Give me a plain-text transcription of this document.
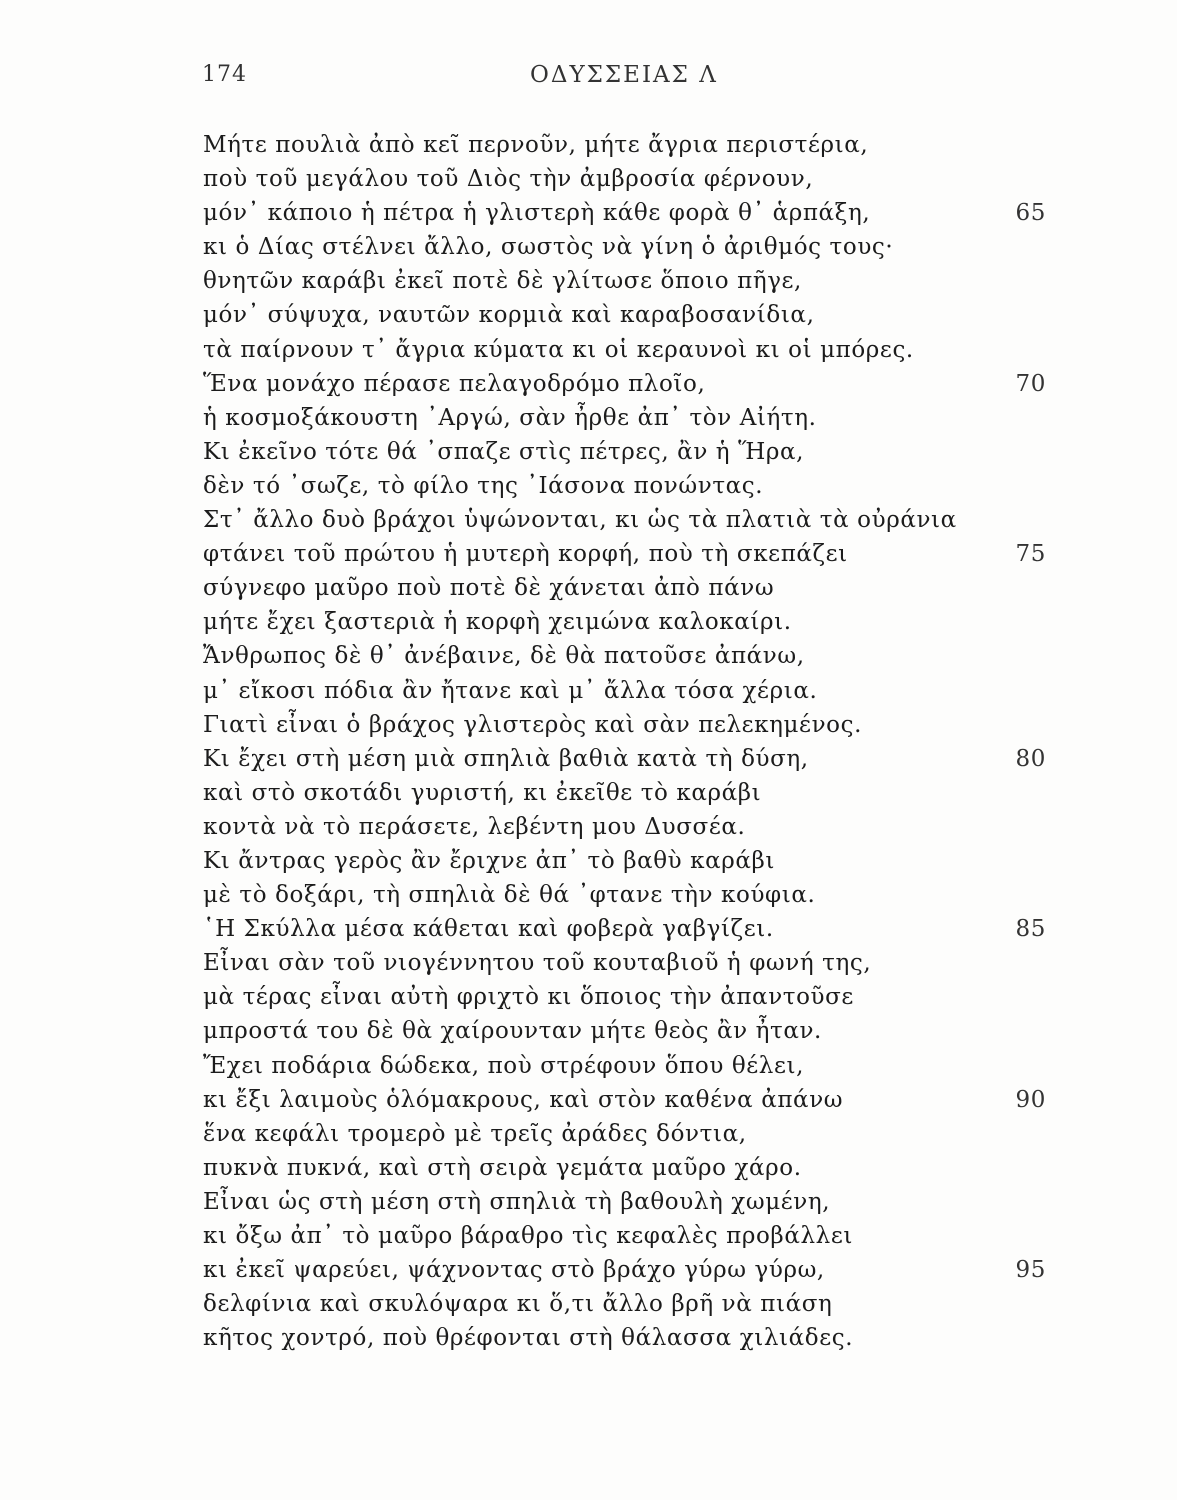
174	ΟΔΥΣΣΕΙΑΣ Λ
Μήτε πουλιὰ ἀπὸ κεῖ περνοῦν, μήτε ἄγρια περιστέρια,
ποὺ τοῦ μεγάλου τοῦ Διὸς τὴν ἀμβροσία φέρνουν,
μόν᾽ κάποιο ἡ πέτρα ἡ γλιστερὴ κάθε φορὰ θ᾽ ἁρπάξη,	65
κι ὁ Δίας στέλνει ἄλλο, σωστὸς νὰ γίνη ὁ ἀριθμός τους·
θνητῶν καράβι ἐκεῖ ποτὲ δὲ γλίτωσε ὅποιο πῆγε,
μόν᾽ σύψυχα, ναυτῶν κορμιὰ καὶ καραβοσανίδια,
τὰ παίρνουν τ᾽ ἄγρια κύματα κι οἱ κεραυνοὶ κι οἱ μπόρες.
Ἕνα μονάχο πέρασε πελαγοδρόμο πλοῖο,	70
ἡ κοσμοξάκουστη ᾿Αργώ, σὰν ἦρθε ἀπ᾽ τὸν Αἰήτη.
Κι ἐκεῖνο τότε θά ᾿σπαζε στὶς πέτρες, ἂν ἡ Ἥρα,
δὲν τό ᾿σωζε, τὸ φίλο της ᾿Ιάσονα πονώντας.
Στ᾽ ἄλλο δυὸ βράχοι ὑψώνονται, κι ὡς τὰ πλατιὰ τὰ οὐράνια
φτάνει τοῦ πρώτου ἡ μυτερὴ κορφή, ποὺ τὴ σκεπάζει	75
σύγνεφο μαῦρο ποὺ ποτὲ δὲ χάνεται ἀπὸ πάνω
μήτε ἔχει ξαστεριὰ ἡ κορφὴ χειμώνα καλοκαίρι.
Ἄνθρωπος δὲ θ᾽ ἀνέβαινε, δὲ θὰ πατοῦσε ἀπάνω,
μ᾽ εἴκοσι πόδια ἂν ἤτανε καὶ μ᾽ ἄλλα τόσα χέρια.
Γιατὶ εἶναι ὁ βράχος γλιστερὸς καὶ σὰν πελεκημένος.
Κι ἔχει στὴ μέση μιὰ σπηλιὰ βαθιὰ κατὰ τὴ δύση,	80
καὶ στὸ σκοτάδι γυριστή, κι ἐκεῖθε τὸ καράβι
κοντὰ νὰ τὸ περάσετε, λεβέντη μου Δυσσέα.
Κι ἄντρας γερὸς ἂν ἔριχνε ἀπ᾽ τὸ βαθὺ καράβι
μὲ τὸ δοξάρι, τὴ σπηλιὰ δὲ θά ᾿φτανε τὴν κούφια.
῾Η Σκύλλα μέσα κάθεται καὶ φοβερὰ γαβγίζει.	85
Εἶναι σὰν τοῦ νιογέννητου τοῦ κουταβιοῦ ἡ φωνή της,
μὰ τέρας εἶναι αὐτὴ φριχτὸ κι ὅποιος τὴν ἀπαντοῦσε
μπροστά του δὲ θὰ χαίρουνταν μήτε θεὸς ἂν ἦταν.
Ἔχει ποδάρια δώδεκα, ποὺ στρέφουν ὅπου θέλει,
κι ἔξι λαιμοὺς ὁλόμακρους, καὶ στὸν καθένα ἀπάνω	90
ἕνα κεφάλι τρομερὸ μὲ τρεῖς ἀράδες δόντια,
πυκνὰ πυκνά, καὶ στὴ σειρὰ γεμάτα μαῦρο χάρο.
Εἶναι ὡς στὴ μέση στὴ σπηλιὰ τὴ βαθουλὴ χωμένη,
κι ὄξω ἀπ᾽ τὸ μαῦρο βάραθρο τὶς κεφαλὲς προβάλλει
κι ἐκεῖ ψαρεύει, ψάχνοντας στὸ βράχο γύρω γύρω,	95
δελφίνια καὶ σκυλόψαρα κι ὅ,τι ἄλλο βρῆ νὰ πιάση
κῆτος χοντρό, ποὺ θρέφονται στὴ θάλασσα χιλιάδες.
